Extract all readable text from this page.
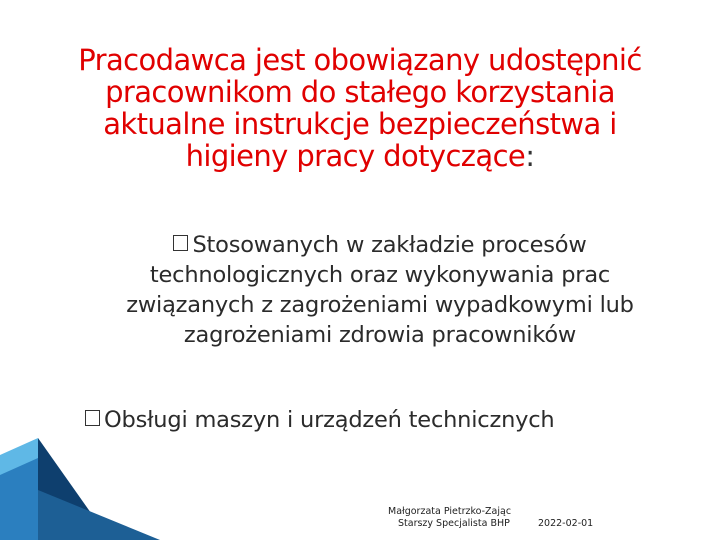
Pracodawca jest obowiązany udostępnić
pracownikom do stałego korzystania
aktualne instrukcje bezpieczeństwa i
higieny pracy dotyczące:
Stosowanych w zakładzie procesów
technologicznych oraz wykonywania prac
związanych z zagrożeniami wypadkowymi lub
zagrożeniami zdrowia pracowników
Obsługi maszyn i urządzeń technicznych
Małgorzata Pietrzko-Zając
Starszy Specjalista BHP	2022-02-01
